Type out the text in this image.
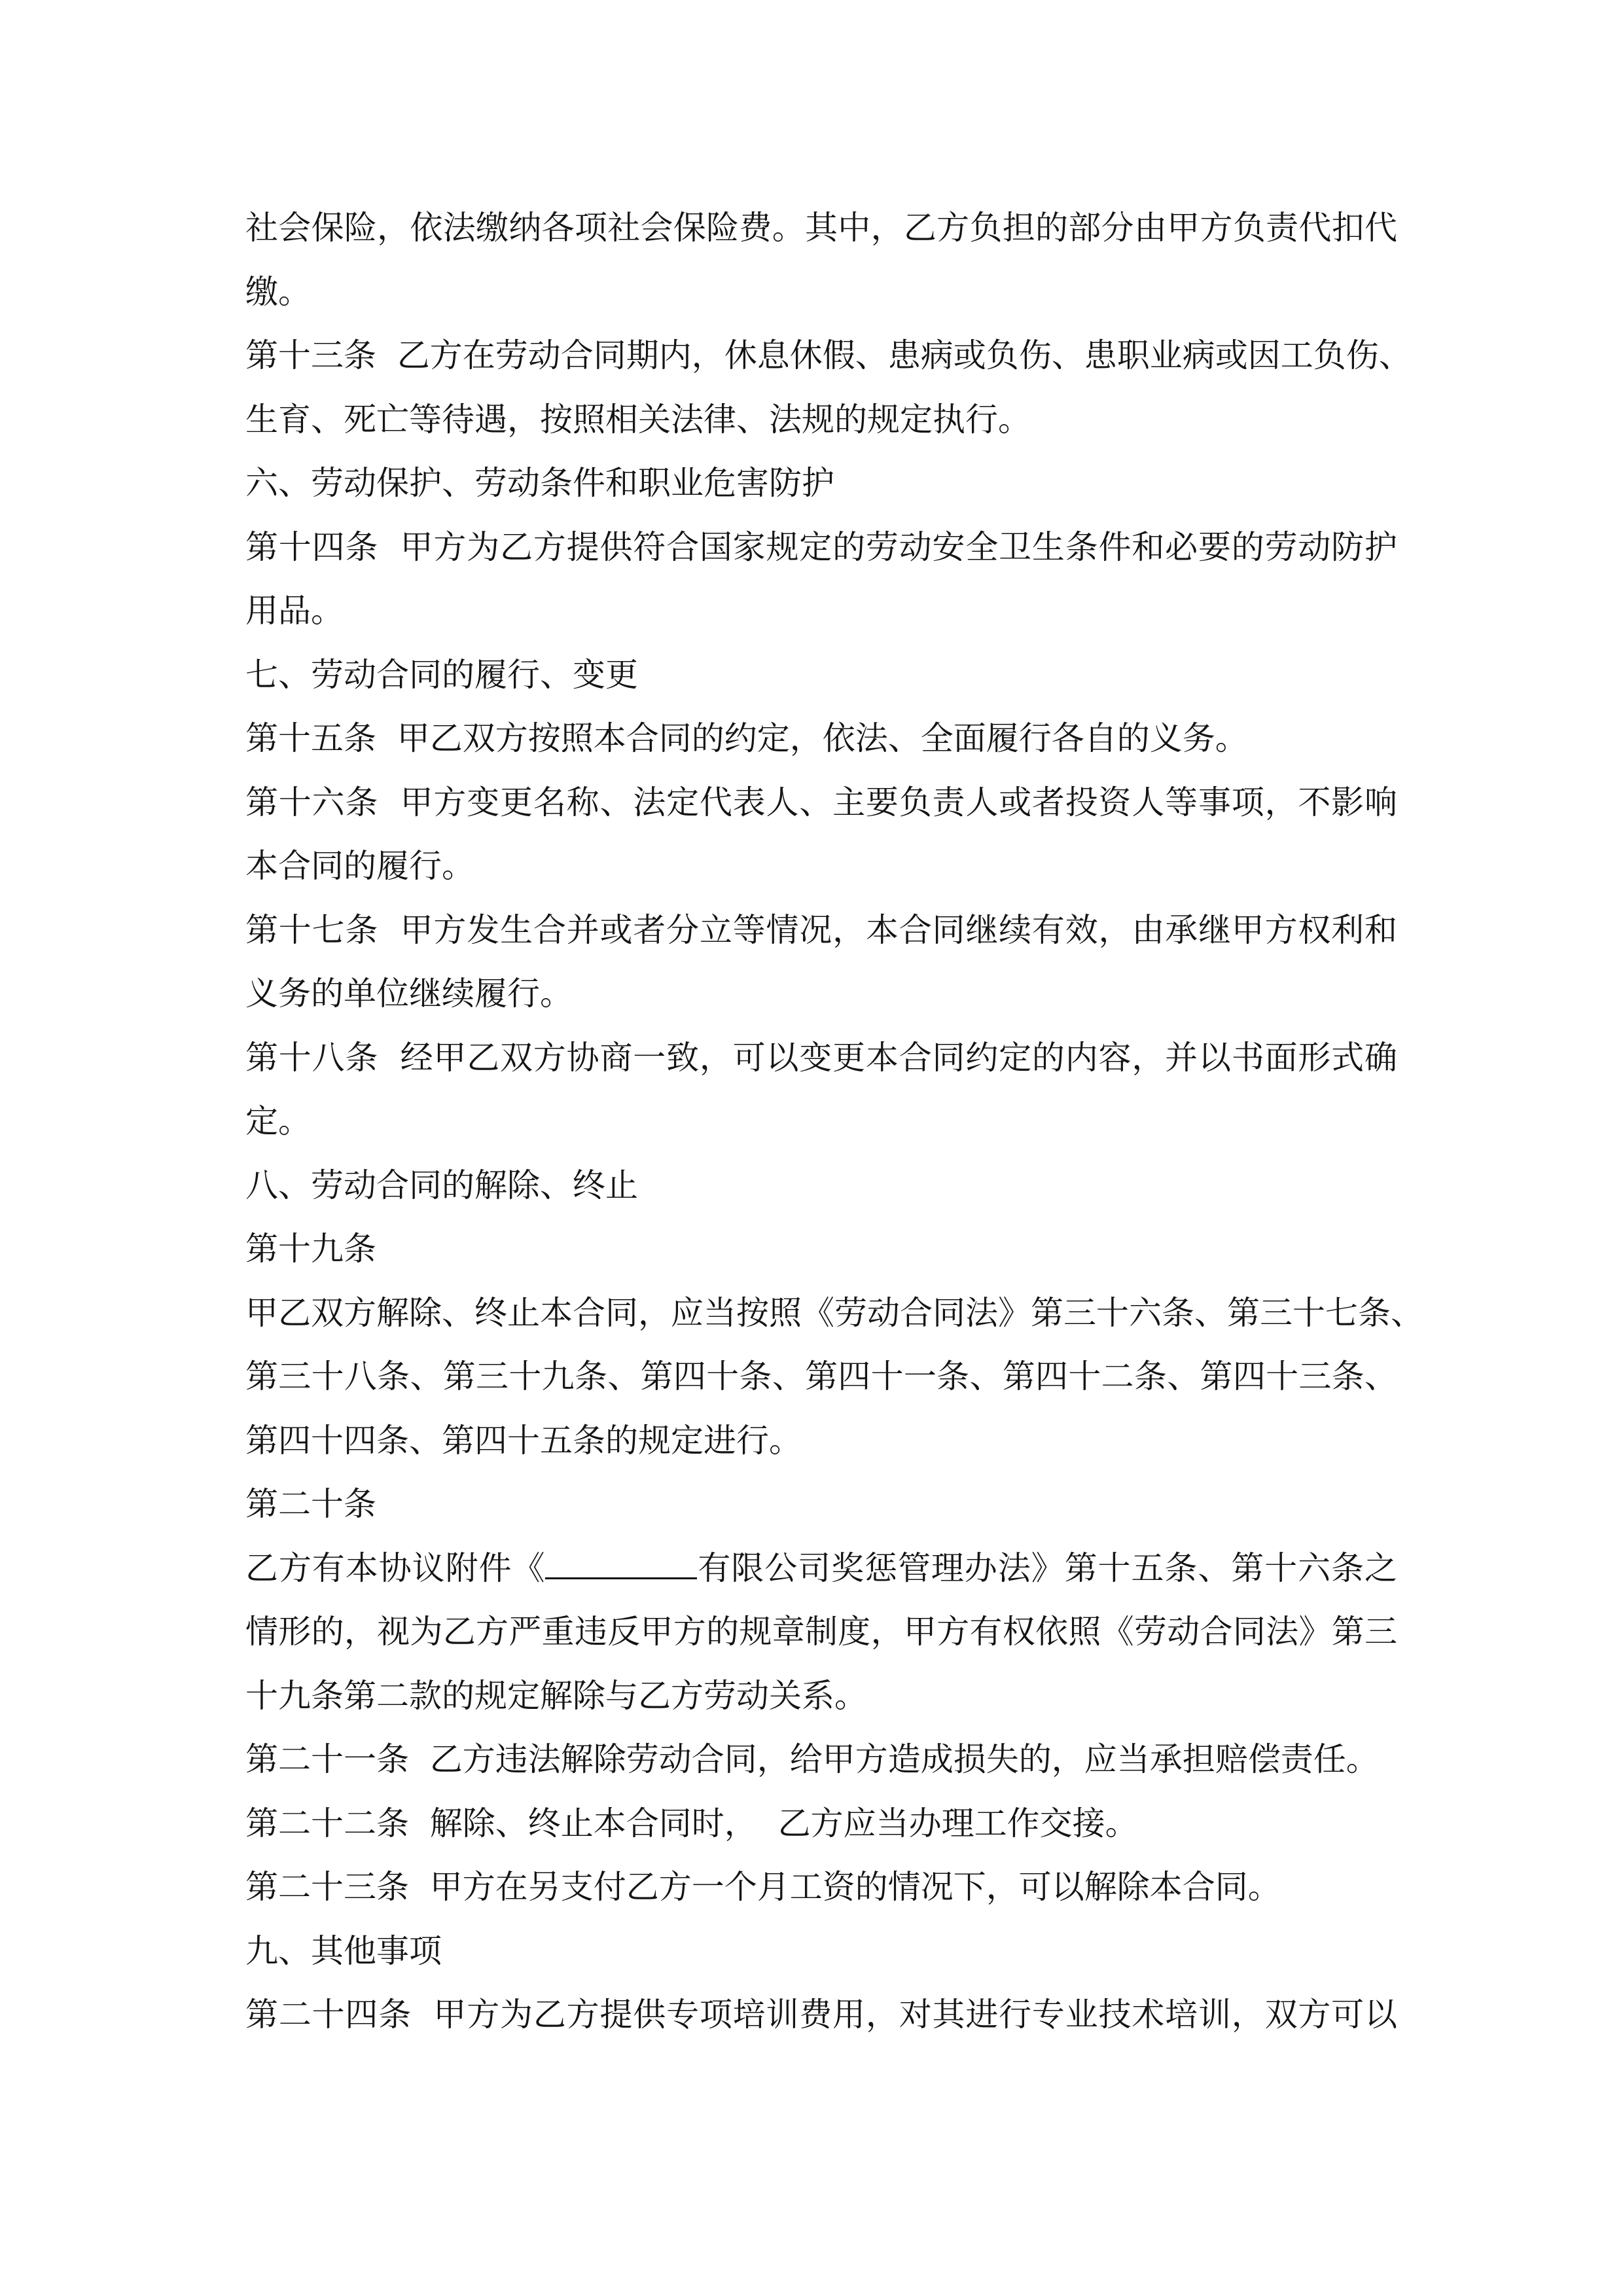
社会保险，依法缴纳各项社会保险费。其中，乙方负担的部分由甲方负责代扣代
缴。
第十三条  乙方在劳动合同期内，休息休假、患病或负伤、患职业病或因工负伤、
生育、死亡等待遇，按照相关法律、法规的规定执行。
六、劳动保护、劳动条件和职业危害防护
第十四条  甲方为乙方提供符合国家规定的劳动安全卫生条件和必要的劳动防护
用品。
七、劳动合同的履行、变更
第十五条  甲乙双方按照本合同的约定，依法、全面履行各自的义务。
第十六条  甲方变更名称、法定代表人、主要负责人或者投资人等事项，不影响
本合同的履行。
第十七条  甲方发生合并或者分立等情况，本合同继续有效，由承继甲方权利和
义务的单位继续履行。
第十八条  经甲乙双方协商一致，可以变更本合同约定的内容，并以书面形式确
定。
八、劳动合同的解除、终止
第十九条
甲乙双方解除、终止本合同，应当按照《劳动合同法》第三十六条、第三十七条、
第三十八条、第三十九条、第四十条、第四十一条、第四十二条、第四十三条、
第四十四条、第四十五条的规定进行。
第二十条
乙方有本协议附件《	有限公司奖惩管理办法》第十五条、第十六条之
情形的，视为乙方严重违反甲方的规章制度，甲方有权依照《劳动合同法》第三
十九条第二款的规定解除与乙方劳动关系。
第二十一条  乙方违法解除劳动合同，给甲方造成损失的，应当承担赔偿责任。
第二十二条  解除、终止本合同时，  乙方应当办理工作交接。
第二十三条  甲方在另支付乙方一个月工资的情况下，可以解除本合同。
九、其他事项
第二十四条  甲方为乙方提供专项培训费用，对其进行专业技术培训，双方可以
